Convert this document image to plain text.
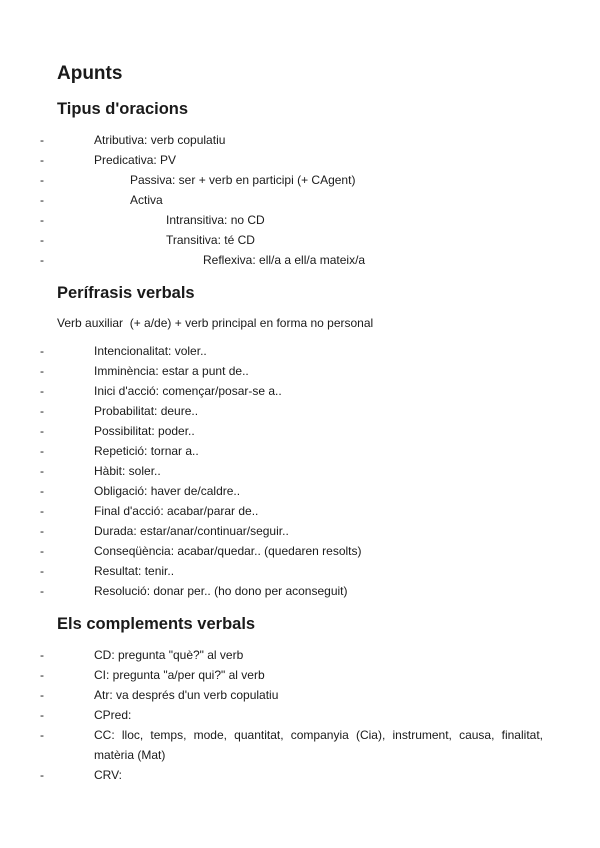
Apunts
Tipus d'oracions
- Atributiva: verb copulatiu
- Predicativa: PV
- Passiva: ser + verb en participi (+ CAgent)
- Activa
- Intransitiva: no CD
- Transitiva: té CD
- Reflexiva: ell/a a ell/a mateix/a
Perífrasis verbals

Verb auxiliar  (+ a/de) + verb principal en forma no personal

- Intencionalitat: voler..
- Imminència: estar a punt de..
- Inici d'acció: començar/posar-se a..
- Probabilitat: deure..
- Possibilitat: poder..
- Repetició: tornar a..
- Hàbit: soler..
- Obligació: haver de/caldre..
- Final d'acció: acabar/parar de..
- Durada: estar/anar/continuar/seguir..
- Conseqüència: acabar/quedar.. (quedaren resolts)
- Resultat: tenir..
- Resolució: donar per.. (ho dono per aconseguit)
Els complements verbals
- CD: pregunta "què?" al verb
- CI: pregunta "a/per qui?" al verb
- Atr: va després d'un verb copulatiu
- CPred:
- CC: lloc, temps, mode, quantitat, companyia (Cia), instrument, causa, finalitat, matèria (Mat)
- CRV:
